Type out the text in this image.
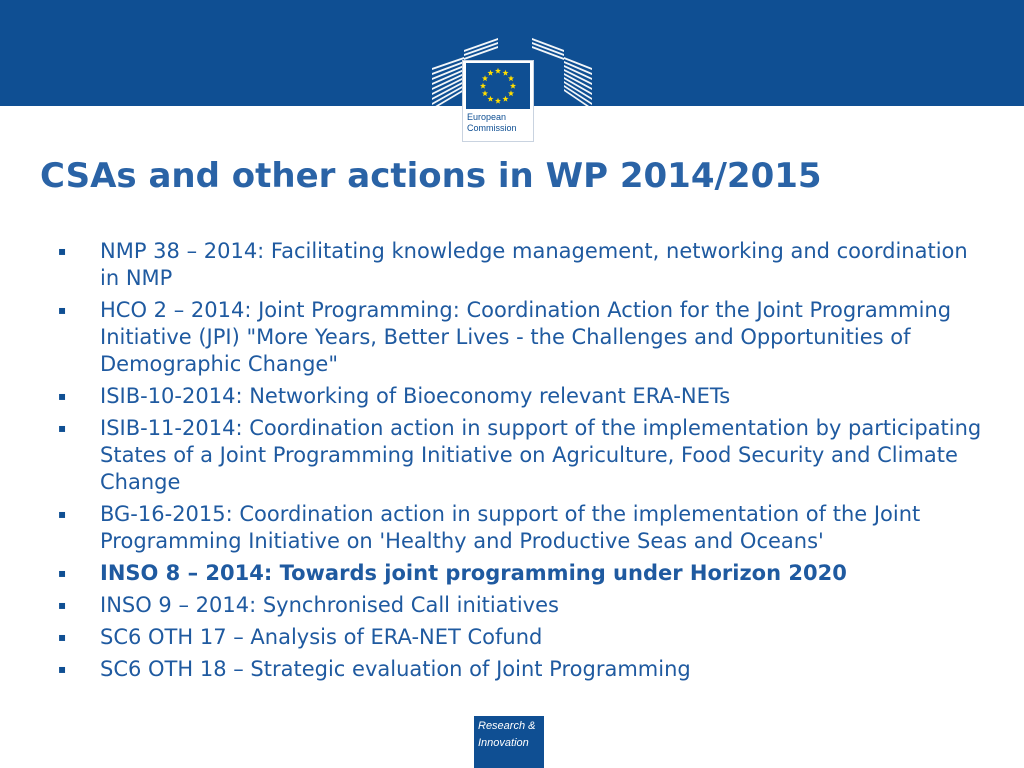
European
Commission
CSAs and other actions in WP 2014/2015
▪	NMP 38 – 2014: Facilitating knowledge management, networking and coordination in NMP
▪	HCO 2 – 2014: Joint Programming: Coordination Action for the Joint Programming Initiative (JPI) "More Years, Better Lives - the Challenges and Opportunities of Demographic Change"
▪	ISIB-10-2014: Networking of Bioeconomy relevant ERA-NETs
▪	ISIB-11-2014: Coordination action in support of the implementation by participating States of a Joint Programming Initiative on Agriculture, Food Security and Climate Change
▪	BG-16-2015: Coordination action in support of the implementation of the Joint Programming Initiative on 'Healthy and Productive Seas and Oceans'
▪	INSO 8 – 2014: Towards joint programming under Horizon 2020
▪	INSO 9 – 2014: Synchronised Call initiatives
▪	SC6 OTH 17 – Analysis of ERA-NET Cofund
▪	SC6 OTH 18 – Strategic evaluation of Joint Programming
Research &
Innovation
